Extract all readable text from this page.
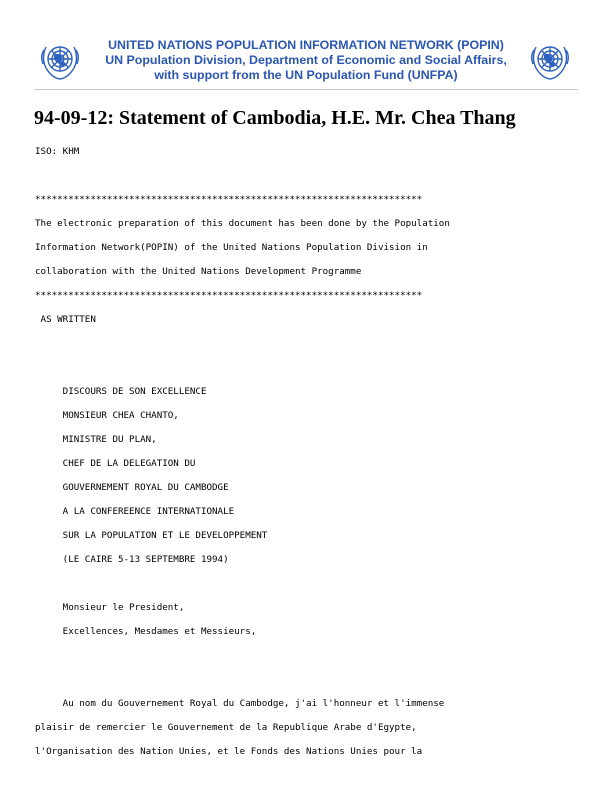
UNITED NATIONS POPULATION INFORMATION NETWORK (POPIN)
UN Population Division, Department of Economic and Social Affairs,
with support from the UN Population Fund (UNFPA)
94-09-12: Statement of Cambodia, H.E. Mr. Chea Thang
ISO: KHM
**********************************************************************
The electronic preparation of this document has been done by the Population
Information Network(POPIN) of the United Nations Population Division in
collaboration with the United Nations Development Programme
**********************************************************************
AS WRITTEN
DISCOURS DE SON EXCELLENCE
MONSIEUR CHEA CHANTO,
MINISTRE DU PLAN,
CHEF DE LA DELEGATION DU
GOUVERNEMENT ROYAL DU CAMBODGE
A LA CONFEREENCE INTERNATIONALE
SUR LA POPULATION ET LE DEVELOPPEMENT
(LE CAIRE 5-13 SEPTEMBRE 1994)
Monsieur le President,
Excellences, Mesdames et Messieurs,
Au nom du Gouvernement Royal du Cambodge, j'ai l'honneur et l'immense
plaisir de remercier le Gouvernement de la Republique Arabe d'Egypte,
l'Organisation des Nation Unies, et le Fonds des Nations Unies pour la
